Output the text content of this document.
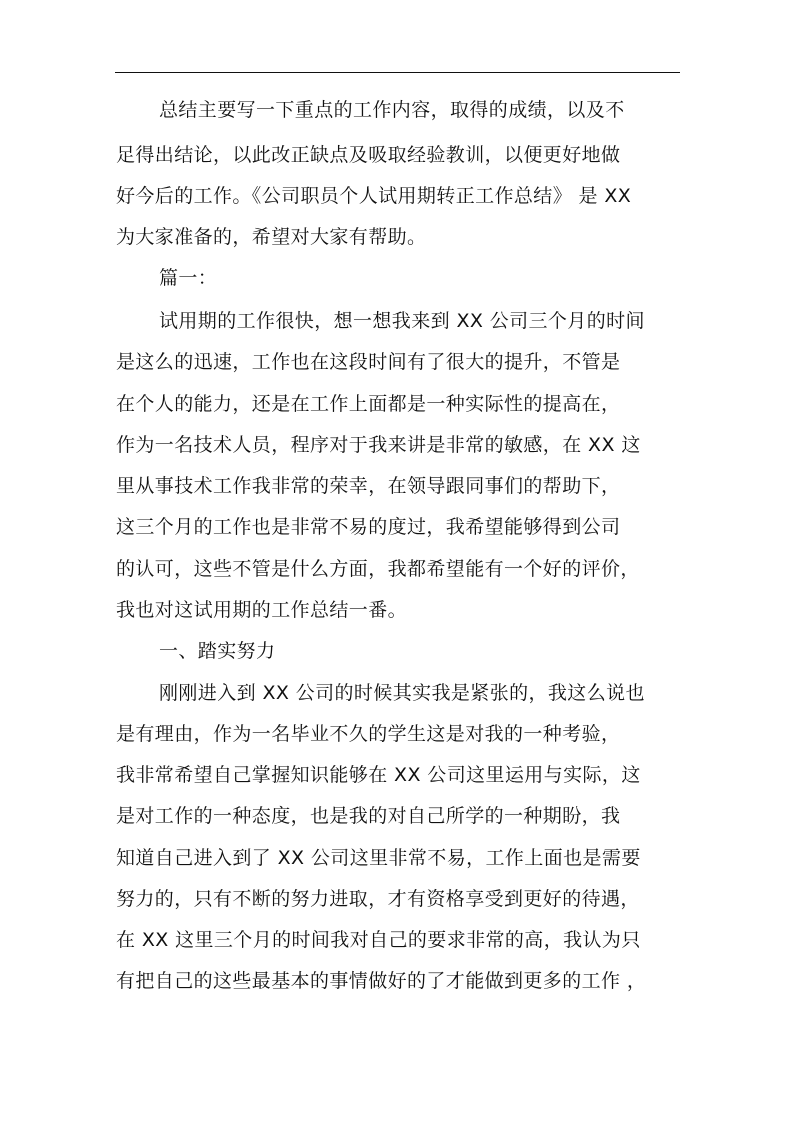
总结主要写一下重点的工作内容，取得的成绩，以及不
足得出结论，以此改正缺点及吸取经验教训，以便更好地做
好今后的工作。《公司职员个人试用期转正工作总结》 是 XX
为大家准备的，希望对大家有帮助。
篇一：
试用期的工作很快，想一想我来到 XX 公司三个月的时间
是这么的迅速，工作也在这段时间有了很大的提升，不管是
在个人的能力，还是在工作上面都是一种实际性的提高在，
作为一名技术人员，程序对于我来讲是非常的敏感，在 XX 这
里从事技术工作我非常的荣幸，在领导跟同事们的帮助下，
这三个月的工作也是非常不易的度过，我希望能够得到公司
的认可，这些不管是什么方面，我都希望能有一个好的评价，
我也对这试用期的工作总结一番。
一、踏实努力
刚刚进入到 XX 公司的时候其实我是紧张的，我这么说也
是有理由，作为一名毕业不久的学生这是对我的一种考验，
我非常希望自己掌握知识能够在 XX 公司这里运用与实际，这
是对工作的一种态度，也是我的对自己所学的一种期盼，我
知道自己进入到了 XX 公司这里非常不易，工作上面也是需要
努力的，只有不断的努力进取，才有资格享受到更好的待遇，
在 XX 这里三个月的时间我对自己的要求非常的高，我认为只
有把自己的这些最基本的事情做好的了才能做到更多的工作 ，
